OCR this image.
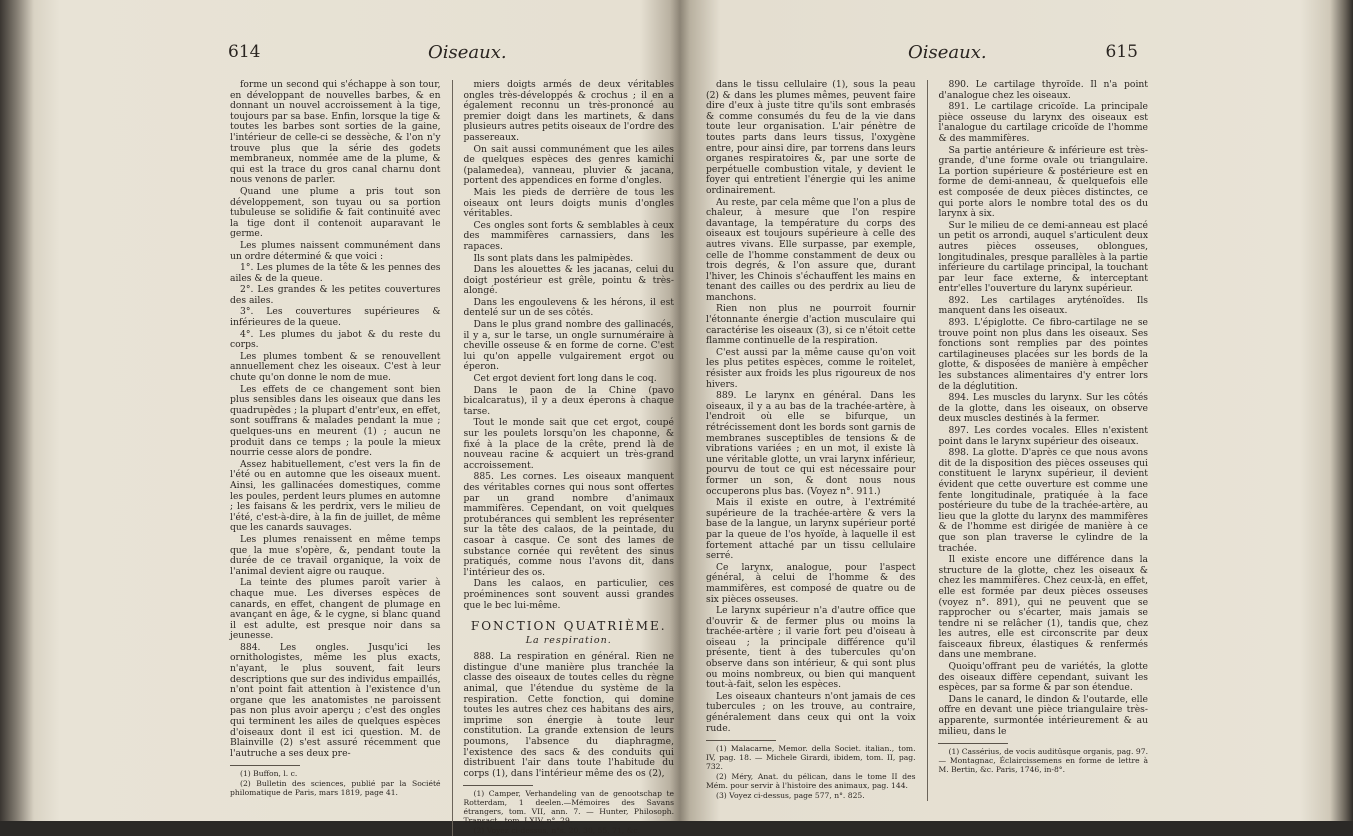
614	Oiseaux.

forme un second qui s'échappe à son tour, en développant de nouvelles barbes, & en donnant un nouvel accroissement à la tige, toujours par sa base. Enfin, lorsque la tige & toutes les barbes sont sorties de la gaine, l'intérieur de celle-ci se dessèche, & l'on n'y trouve plus que la série des godets membraneux, nommée ame de la plume, & qui est la trace du gros canal charnu dont nous venons de parler.

Quand une plume a pris tout son développement, son tuyau ou sa portion tubuleuse se solidifie & fait continuité avec la tige dont il contenoit auparavant le germe.

Les plumes naissent communément dans un ordre déterminé & que voici :

1°. Les plumes de la tête & les pennes des ailes & de la queue.

2°. Les grandes & les petites couvertures des ailes.

3°. Les couvertures supérieures & inférieures de la queue.

4°. Les plumes du jabot & du reste du corps.

Les plumes tombent & se renouvellent annuellement chez les oiseaux. C'est à leur chute qu'on donne le nom de mue.

Les effets de ce changement sont bien plus sensibles dans les oiseaux que dans les quadrupèdes ; la plupart d'entr'eux, en effet, sont souffrans & malades pendant la mue ; quelques-uns en meurent (1) ; aucun ne produit dans ce temps ; la poule la mieux nourrie cesse alors de pondre.

Assez habituellement, c'est vers la fin de l'été ou en automne que les oiseaux muent. Ainsi, les gallinacées domestiques, comme les poules, perdent leurs plumes en automne ; les faisans & les perdrix, vers le milieu de l'été, c'est-à-dire, à la fin de juillet, de même que les canards sauvages.

Les plumes renaissent en même temps que la mue s'opère, &, pendant toute la durée de ce travail organique, la voix de l'animal devient aigre ou rauque.

La teinte des plumes paroît varier à chaque mue. Les diverses espèces de canards, en effet, changent de plumage en avançant en âge, & le cygne, si blanc quand il est adulte, est presque noir dans sa jeunesse.

884. Les ongles. Jusqu'ici les ornithologistes, même les plus exacts, n'ayant, le plus souvent, fait leurs descriptions que sur des individus empaillés, n'ont point fait attention à l'existence d'un organe que les anatomistes ne paroissent pas non plus avoir aperçu ; c'est des ongles qui terminent les ailes de quelques espèces d'oiseaux dont il est ici question. M. de Blainville (2) s'est assuré récemment que l'autruche a ses deux pre-

(1) Buffon, l. c.

(2) Bulletin des sciences, publié par la Société philomatique de Paris, mars 1819, page 41.

miers doigts armés de deux véritables ongles très-développés & crochus ; il en a également reconnu un très-prononcé au premier doigt dans les martinets, & dans plusieurs autres petits oiseaux de l'ordre des passereaux.

On sait aussi communément que les ailes de quelques espèces des genres kamichi (palamedea), vanneau, pluvier & jacana, portent des appendices en forme d'ongles.

Mais les pieds de derrière de tous les oiseaux ont leurs doigts munis d'ongles véritables.

Ces ongles sont forts & semblables à ceux des mammifères carnassiers, dans les rapaces.

Ils sont plats dans les palmipèdes.

Dans les alouettes & les jacanas, celui du doigt postérieur est grêle, pointu & très-alongé.

Dans les engoulevens & les hérons, il est dentelé sur un de ses côtés.

Dans le plus grand nombre des gallinacés, il y a, sur le tarse, un ongle surnuméraire à cheville osseuse & en forme de corne. C'est lui qu'on appelle vulgairement ergot ou éperon.

Cet ergot devient fort long dans le coq.

Dans le paon de la Chine (pavo bicalcaratus), il y a deux éperons à chaque tarse.

Tout le monde sait que cet ergot, coupé sur les poulets lorsqu'on les chaponne, & fixé à la place de la crête, prend là de nouveau racine & acquiert un très-grand accroissement.

885. Les cornes. Les oiseaux manquent des véritables cornes qui nous sont offertes par un grand nombre d'animaux mammifères. Cependant, on voit quelques protubérances qui semblent les représenter sur la tête des calaos, de la peintade, du casoar à casque. Ce sont des lames de substance cornée qui revêtent des sinus pratiqués, comme nous l'avons dit, dans l'intérieur des os.

Dans les calaos, en particulier, ces proéminences sont souvent aussi grandes que le bec lui-même.

FONCTION QUATRIÈME.

La respiration.

888. La respiration en général. Rien ne distingue d'une manière plus tranchée la classe des oiseaux de toutes celles du règne animal, que l'étendue du système de la respiration. Cette fonction, qui domine toutes les autres chez ces habitans des airs, imprime son énergie à toute leur constitution. La grande extension de leurs poumons, l'absence du diaphragme, l'existence des sacs & des conduits qui distribuent l'air dans toute l'habitude du corps (1), dans l'intérieur même des os (2),

(1) Camper, Verhandeling van de genootschap te Rotterdam, 1 deelen.—Mémoires des Savans étrangers, tom. VII, ann. 7. — Hunter, Philosoph. Transact., tom. LXIV, n°. 29.

(2) Voyez ci-dessus, n°s. 20, 30, 55, 71, &c.

Oiseaux.	615

dans le tissu cellulaire (1), sous la peau (2) & dans les plumes mêmes, peuvent faire dire d'eux à juste titre qu'ils sont embrasés & comme consumés du feu de la vie dans toute leur organisation. L'air pénètre de toutes parts dans leurs tissus, l'oxygène entre, pour ainsi dire, par torrens dans leurs organes respiratoires &, par une sorte de perpétuelle combustion vitale, y devient le foyer qui entretient l'énergie qui les anime ordinairement.

Au reste, par cela même que l'on a plus de chaleur, à mesure que l'on respire davantage, la température du corps des oiseaux est toujours supérieure à celle des autres vivans. Elle surpasse, par exemple, celle de l'homme constamment de deux ou trois degrés, & l'on assure que, durant l'hiver, les Chinois s'échauffent les mains en tenant des cailles ou des perdrix au lieu de manchons.

Rien non plus ne pourroit fournir l'étonnante énergie d'action musculaire qui caractérise les oiseaux (3), si ce n'étoit cette flamme continuelle de la respiration.

C'est aussi par la même cause qu'on voit les plus petites espèces, comme le roitelet, résister aux froids les plus rigoureux de nos hivers.

889. Le larynx en général. Dans les oiseaux, il y a au bas de la trachée-artère, à l'endroit où elle se bifurque, un rétrécissement dont les bords sont garnis de membranes susceptibles de tensions & de vibrations variées ; en un mot, il existe là une véritable glotte, un vrai larynx inférieur, pourvu de tout ce qui est nécessaire pour former un son, & dont nous nous occuperons plus bas. (Voyez n°. 911.)

Mais il existe en outre, à l'extrémité supérieure de la trachée-artère & vers la base de la langue, un larynx supérieur porté par la queue de l'os hyoïde, à laquelle il est fortement attaché par un tissu cellulaire serré.

Ce larynx, analogue, pour l'aspect général, à celui de l'homme & des mammifères, est composé de quatre ou de six pièces osseuses.

Le larynx supérieur n'a d'autre office que d'ouvrir & de fermer plus ou moins la trachée-artère ; il varie fort peu d'oiseau à oiseau ; la principale différence qu'il présente, tient à des tubercules qu'on observe dans son intérieur, & qui sont plus ou moins nombreux, ou bien qui manquent tout-à-fait, selon les espèces.

Les oiseaux chanteurs n'ont jamais de ces tubercules ; on les trouve, au contraire, généralement dans ceux qui ont la voix rude.

(1) Malacarne, Memor. della Societ. italian., tom. IV, pag. 18. — Michele Girardi, ibidem, tom. II, pag. 732.

(2) Méry, Anat. du pélican, dans le tome II des Mém. pour servir à l'histoire des animaux, pag. 144.

(3) Voyez ci-dessus, page 577, n°. 825.

890. Le cartilage thyroïde. Il n'a point d'analogue chez les oiseaux.

891. Le cartilage cricoïde. La principale pièce osseuse du larynx des oiseaux est l'analogue du cartilage cricoïde de l'homme & des mammifères.

Sa partie antérieure & inférieure est très-grande, d'une forme ovale ou triangulaire. La portion supérieure & postérieure est en forme de demi-anneau, & quelquefois elle est composée de deux pièces distinctes, ce qui porte alors le nombre total des os du larynx à six.

Sur le milieu de ce demi-anneau est placé un petit os arrondi, auquel s'articulent deux autres pièces osseuses, oblongues, longitudinales, presque parallèles à la partie inférieure du cartilage principal, la touchant par leur face externe, & interceptant entr'elles l'ouverture du larynx supérieur.

892. Les cartilages aryténoïdes. Ils manquent dans les oiseaux.

893. L'épiglotte. Ce fibro-cartilage ne se trouve point non plus dans les oiseaux. Ses fonctions sont remplies par des pointes cartilagineuses placées sur les bords de la glotte, & disposées de manière à empêcher les substances alimentaires d'y entrer lors de la déglutition.

894. Les muscles du larynx. Sur les côtés de la glotte, dans les oiseaux, on observe deux muscles destinés à la fermer.

897. Les cordes vocales. Elles n'existent point dans le larynx supérieur des oiseaux.

898. La glotte. D'après ce que nous avons dit de la disposition des pièces osseuses qui constituent le larynx supérieur, il devient évident que cette ouverture est comme une fente longitudinale, pratiquée à la face postérieure du tube de la trachée-artère, au lieu que la glotte du larynx des mammifères & de l'homme est dirigée de manière à ce que son plan traverse le cylindre de la trachée.

Il existe encore une différence dans la structure de la glotte, chez les oiseaux & chez les mammifères. Chez ceux-là, en effet, elle est formée par deux pièces osseuses (voyez n°. 891), qui ne peuvent que se rapprocher ou s'écarter, mais jamais se tendre ni se relâcher (1), tandis que, chez les autres, elle est circonscrite par deux faisceaux fibreux, élastiques & renfermés dans une membrane.

Quoiqu'offrant peu de variétés, la glotte des oiseaux diffère cependant, suivant les espèces, par sa forme & par son étendue.

Dans le canard, le dindon & l'outarde, elle offre en devant une pièce triangulaire très-apparente, surmontée intérieurement & au milieu, dans le

(1) Cassérius, de vocis auditûsque organis, pag. 97. — Montagnac, Éclaircissemens en forme de lettre à M. Bertin, &c. Paris, 1746, in-8°.
